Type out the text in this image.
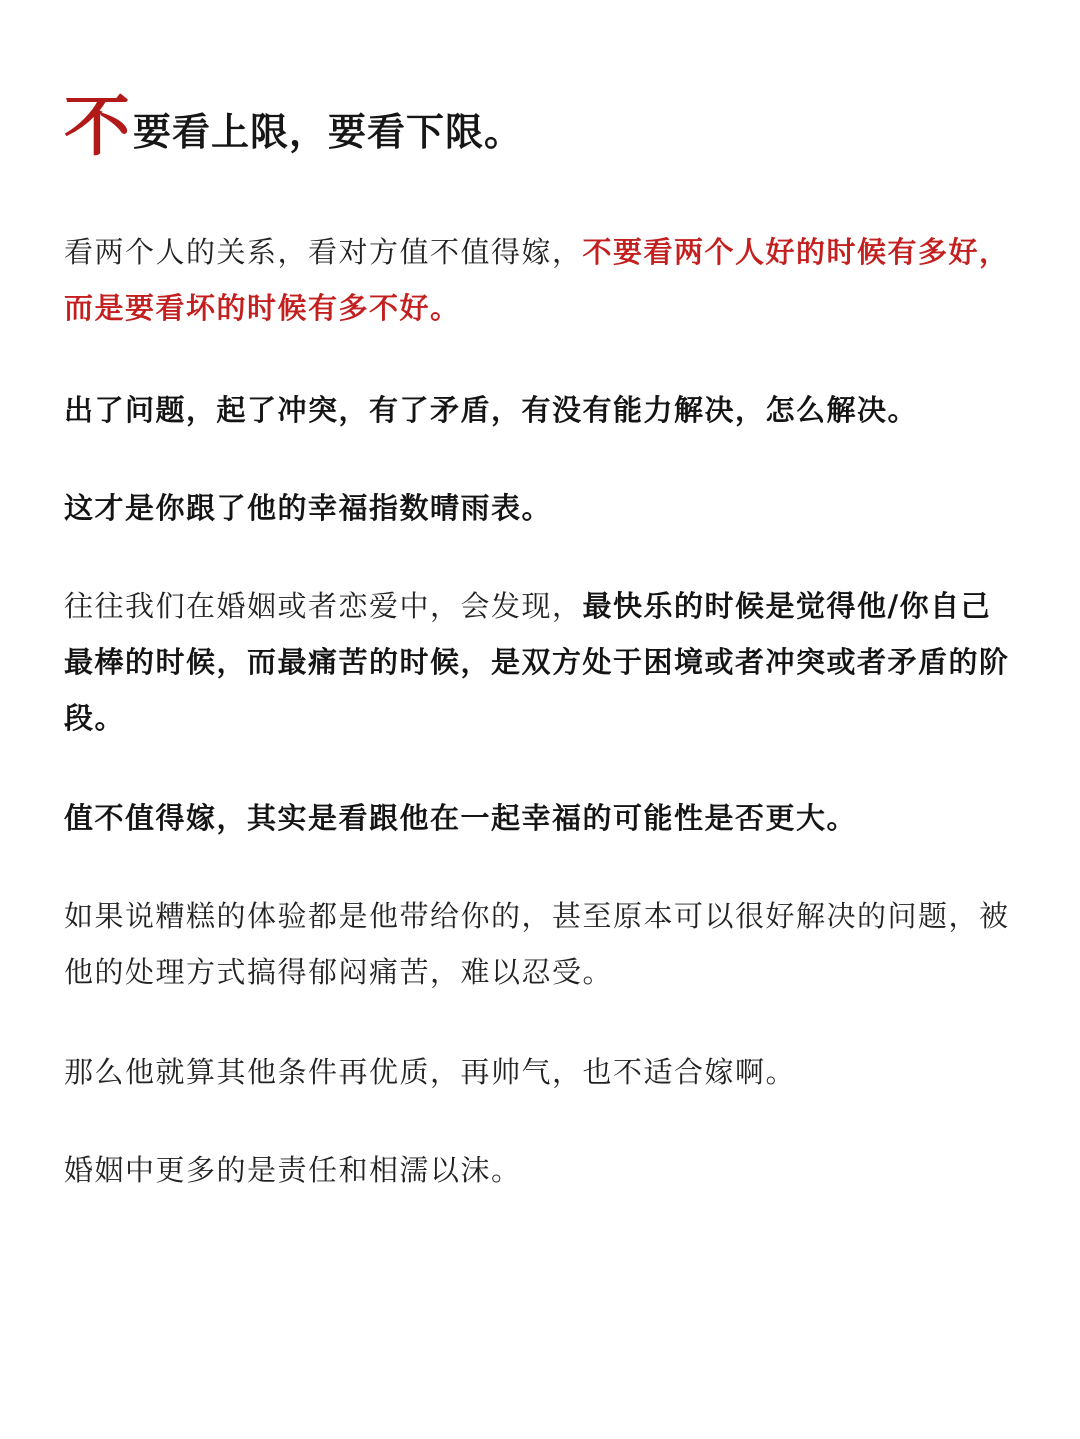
不要看上限，要看下限。

看两个人的关系，看对方值不值得嫁，不要看两个人好的时候有多好，而是要看坏的时候有多不好。

出了问题，起了冲突，有了矛盾，有没有能力解决，怎么解决。

这才是你跟了他的幸福指数晴雨表。

往往我们在婚姻或者恋爱中，会发现，最快乐的时候是觉得他/你自己最棒的时候，而最痛苦的时候，是双方处于困境或者冲突或者矛盾的阶段。

值不值得嫁，其实是看跟他在一起幸福的可能性是否更大。

如果说糟糕的体验都是他带给你的，甚至原本可以很好解决的问题，被他的处理方式搞得郁闷痛苦，难以忍受。

那么他就算其他条件再优质，再帅气，也不适合嫁啊。

婚姻中更多的是责任和相濡以沫。
